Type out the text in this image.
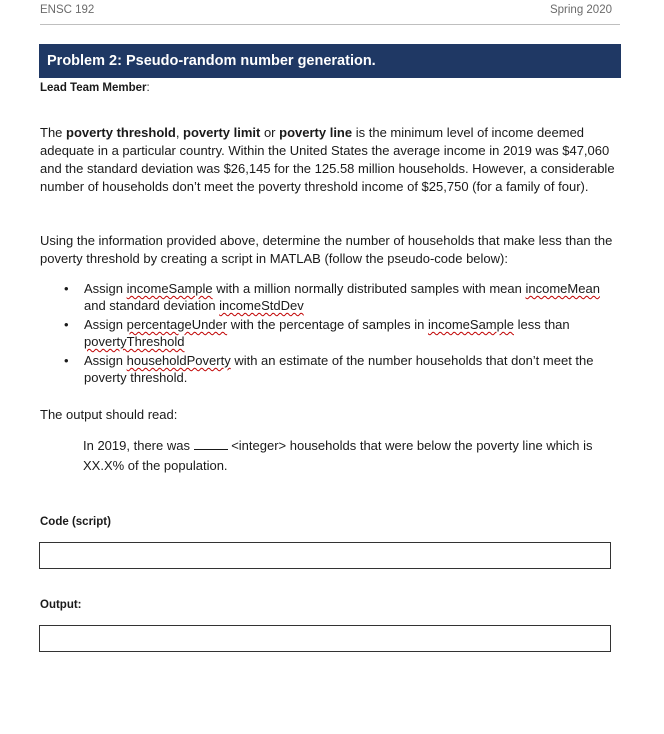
ENSC 192	Spring 2020
Problem 2: Pseudo-random number generation.
Lead Team Member:
The poverty threshold, poverty limit or poverty line is the minimum level of income deemed adequate in a particular country. Within the United States the average income in 2019 was $47,060 and the standard deviation was $26,145 for the 125.58 million households. However, a considerable number of households don’t meet the poverty threshold income of $25,750 (for a family of four).
Using the information provided above, determine the number of households that make less than the poverty threshold by creating a script in MATLAB (follow the pseudo-code below):
• Assign incomeSample with a million normally distributed samples with mean incomeMean and standard deviation incomeStdDev
• Assign percentageUnder with the percentage of samples in incomeSample less than povertyThreshold
• Assign householdPoverty with an estimate of the number households that don’t meet the poverty threshold.
The output should read:
In 2019, there was	<integer> households that were below the poverty line which is XX.X% of the population.
Code (script)
Output:
